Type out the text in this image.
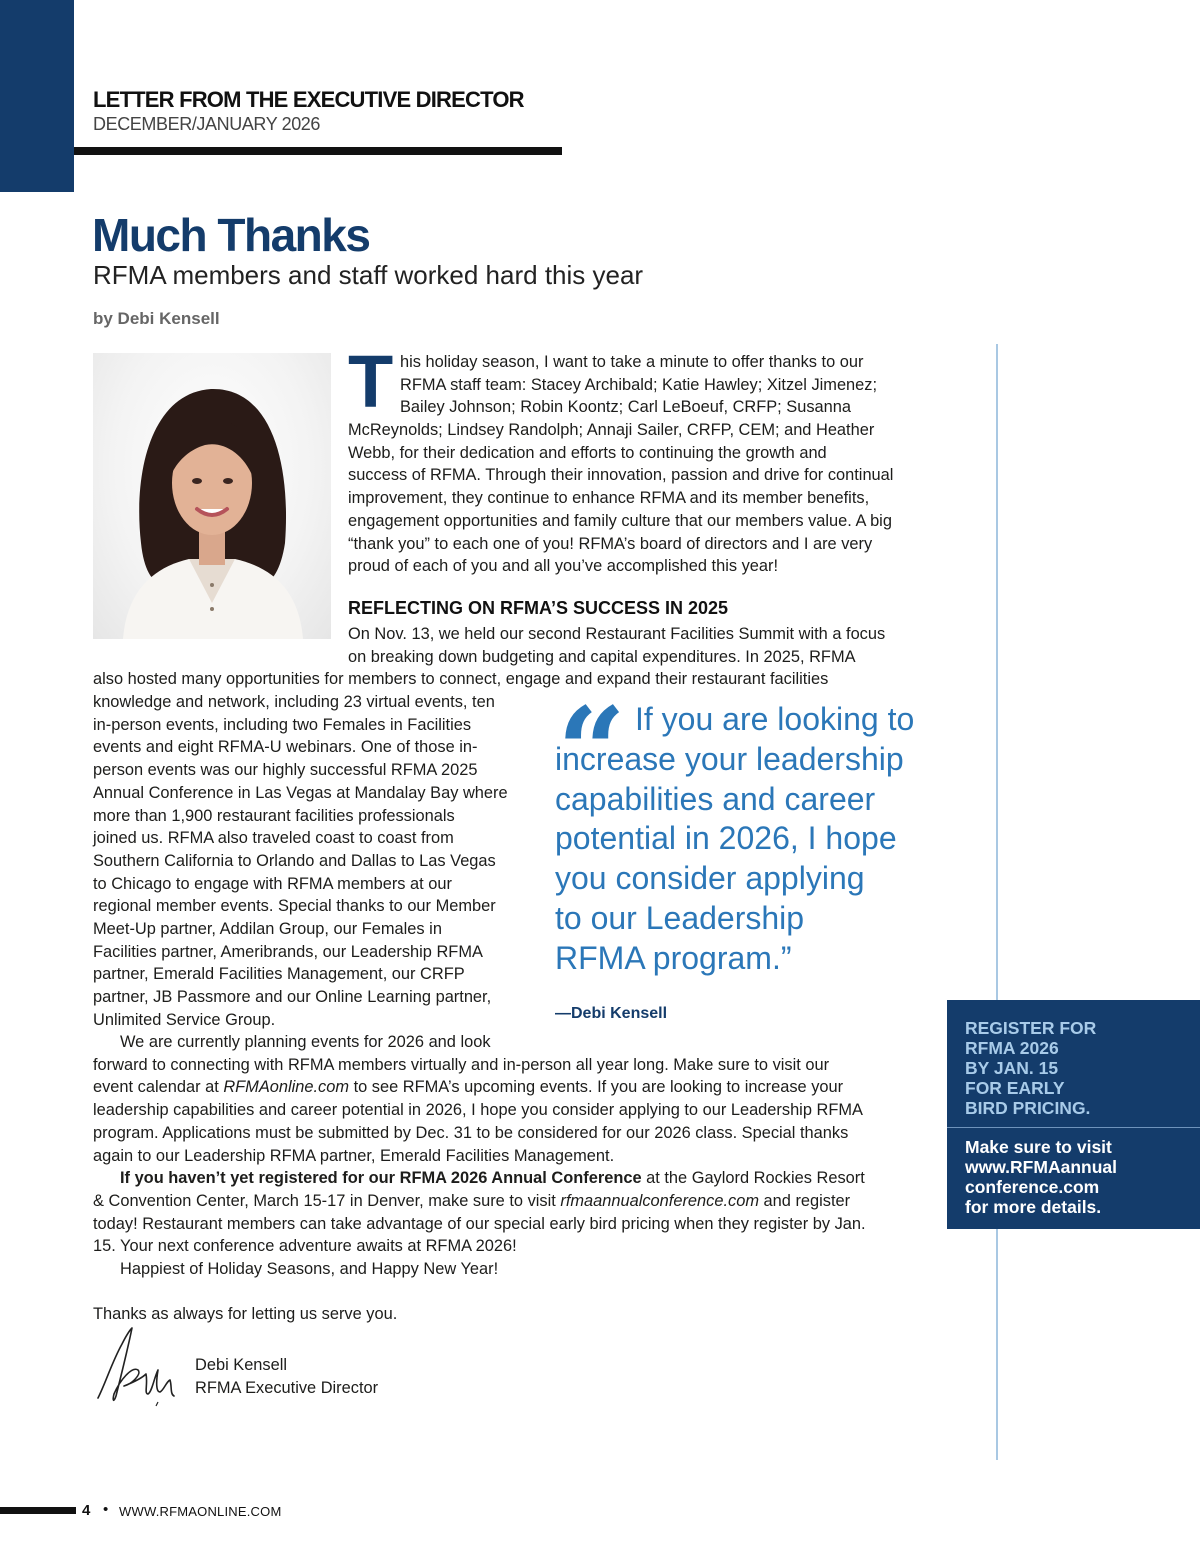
LETTER FROM THE EXECUTIVE DIRECTOR
DECEMBER/JANUARY 2026
Much Thanks
RFMA members and staff worked hard this year
by Debi Kensell
T his holiday season, I want to take a minute to offer thanks to our
RFMA staff team: Stacey Archibald; Katie Hawley; Xitzel Jimenez;
Bailey Johnson; Robin Koontz; Carl LeBoeuf, CRFP; Susanna
McReynolds; Lindsey Randolph; Annaji Sailer, CRFP, CEM; and Heather
Webb, for their dedication and efforts to continuing the growth and
success of RFMA. Through their innovation, passion and drive for continual
improvement, they continue to enhance RFMA and its member benefits,
engagement opportunities and family culture that our members value. A big
“thank you” to each one of you! RFMA’s board of directors and I are very
proud of each of you and all you’ve accomplished this year!
REFLECTING ON RFMA’S SUCCESS IN 2025
On Nov. 13, we held our second Restaurant Facilities Summit with a focus
on breaking down budgeting and capital expenditures. In 2025, RFMA
also hosted many opportunities for members to connect, engage and expand their restaurant facilities
knowledge and network, including 23 virtual events, ten
in-person events, including two Females in Facilities
events and eight RFMA-U webinars. One of those in-
person events was our highly successful RFMA 2025
Annual Conference in Las Vegas at Mandalay Bay where
more than 1,900 restaurant facilities professionals
joined us. RFMA also traveled coast to coast from
Southern California to Orlando and Dallas to Las Vegas
to Chicago to engage with RFMA members at our
regional member events. Special thanks to our Member
Meet-Up partner, Addilan Group, our Females in
Facilities partner, Ameribrands, our Leadership RFMA
partner, Emerald Facilities Management, our CRFP
partner, JB Passmore and our Online Learning partner,
Unlimited Service Group.
“ If you are looking to
increase your leadership
capabilities and career
potential in 2026, I hope
you consider applying
to our Leadership
RFMA program.”
—Debi Kensell
REGISTER FOR
RFMA 2026
BY JAN. 15
FOR EARLY
BIRD PRICING.
Make sure to visit
www.RFMAannual
conference.com
for more details.
We are currently planning events for 2026 and look
forward to connecting with RFMA members virtually and in-person all year long. Make sure to visit our
event calendar at RFMAonline.com to see RFMA’s upcoming events. If you are looking to increase your
leadership capabilities and career potential in 2026, I hope you consider applying to our Leadership RFMA
program. Applications must be submitted by Dec. 31 to be considered for our 2026 class. Special thanks
again to our Leadership RFMA partner, Emerald Facilities Management.
If you haven’t yet registered for our RFMA 2026 Annual Conference at the Gaylord Rockies Resort
& Convention Center, March 15-17 in Denver, make sure to visit rfmaannualconference.com and register
today! Restaurant members can take advantage of our special early bird pricing when they register by Jan.
15. Your next conference adventure awaits at RFMA 2026!
Happiest of Holiday Seasons, and Happy New Year!
Thanks as always for letting us serve you.
Debi Kensell
RFMA Executive Director
4 • WWW.RFMAONLINE.COM
